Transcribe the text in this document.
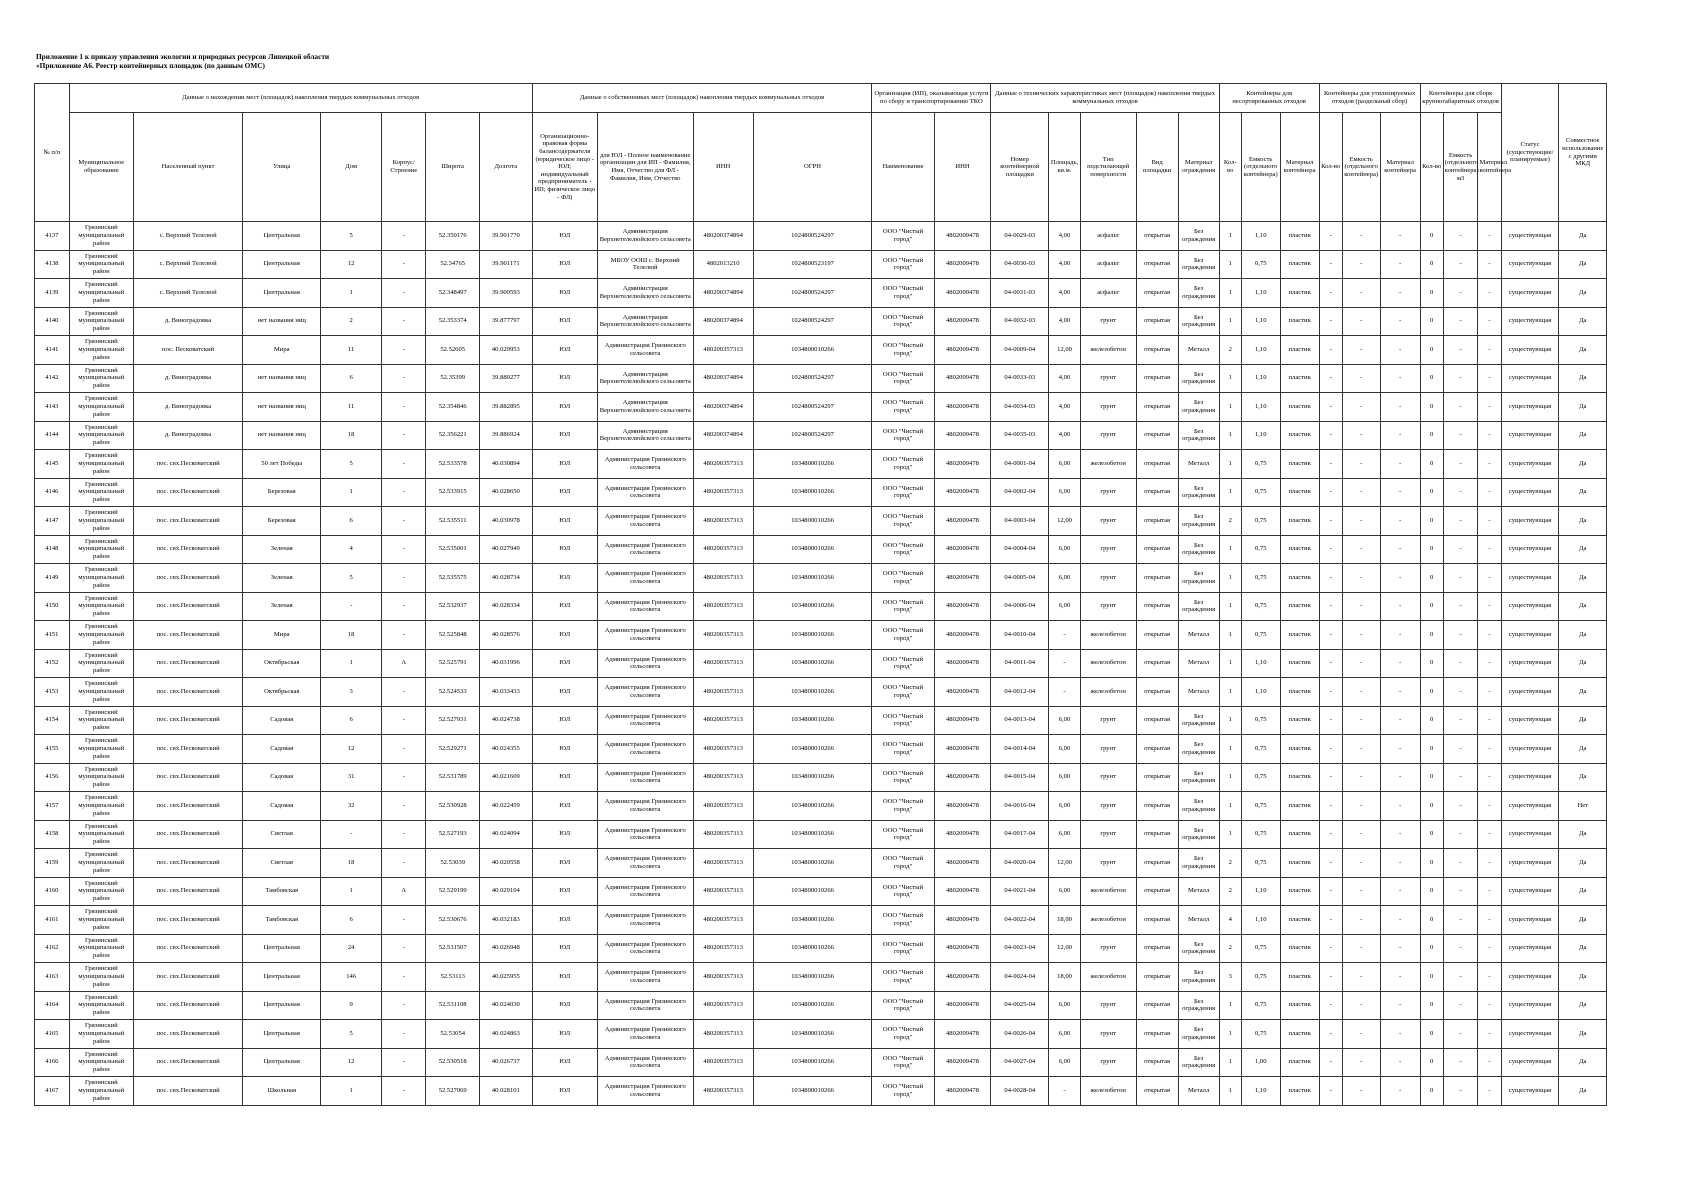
Приложение 1 к приказу управления экологии и природных ресурсов Липецкой области
«Приложение А6. Реестр контейнерных площадок (по данным ОМС)
№ п/п	Данные о нахождении мест (площадок) накопления твердых коммунальных отходов							Данные о собственниках мест (площадок) накопления твердых коммунальных отходов				Организация (ИП), оказывающая услуги по сбору и транспортированию ТКО		Данные о технических характеристиках мест (площадок) накопления твердых коммунальных отходов					Контейнеры для несортированных отходов			Контейнеры для утилизируемых отходов (раздельный сбор)			Контейнеры для сборк крупногабаритных отходов			Статус (существующие/планируемые)	Совместное использование с другими МКД
	Муниципальное образование	Населенный пункт	Улица	Дом	Корпус/Строение	Широта	Долгота	Организационно-правовая форма балансодержателя (юридическое лицо - ЮЛ; индивидуальный предприниматель - ИП; физическое лицо - ФЛ)	для ЮЛ - Полное наименование организации для ИП - Фамилия, Имя, Отчество для ФЛ - Фамилия, Имя, Отчество	ИНН	ОГРН	Наименование	ИНН	Номер контейнерной площадки	Площадь, кв.м.	Тип подстилающей поверхности	Вид площадки	Материал ограждения	Кол-во	Емкость (отдельного контейнера)	Материал контейнера	Кол-во	Емкость (отдельного контейнера)	Материал контейнера	Кол-во	Емкость (отдельного контейнера) м3	Материал контейнера		
4137	Грязинский муниципальный район	с. Верхний Телелюй	Центральная	5	-	52.350176	39.901770	ЮЛ	Администрация Верхнетелелюйского сельсовета	4802003748​94	1024800524297	ООО "Чистый город"	4802009478	04-0029-03	4,00	асфальт	открытая	Без ограждения	1	1,10	пластик	-	-	-	0	-	-	существующая	Да
4138	Грязинский муниципальный район	с. Верхний Телелюй	Центральная	12	-	52.34765	39.901171	ЮЛ	МБОУ ООШ с. Верхний Телелюй	4802013210	1024800523197	ООО "Чистый город"	4802009478	04-0030-03	4,00	асфальт	открытая	Без ограждения	1	0,75	пластик	-	-	-	0	-	-	существующая	Да
4139	Грязинский муниципальный район	с. Верхний Телелюй	Центральная	1	-	52.348497	39.900593	ЮЛ	Администрация Верхнетелелюйского сельсовета	480200374894	1024800524297	ООО "Чистый город"	4802009478	04-0031-03	4,00	асфальт	открытая	Без ограждения	1	1,10	пластик	-	-	-	0	-	-	существующая	Да
4140	Грязинский муниципальный район	д. Виноградовка	нет названия ниц	2	-	52.353374	39.877797	ЮЛ	Администрация Верхнетелелюйского сельсовета	480200374894	1024800524297	ООО "Чистый город"	4802009478	04-0032-03	4,00	грунт	открытая	Без ограждения	1	1,10	пластик	-	-	-	0	-	-	существующая	Да
4141	Грязинский муниципальный район	пос. Песковатский	Мира	11	-	52.52605	40.029953	ЮЛ	Администрация Грязинского сельсовета	4802003573​13	1034800010266	ООО "Чистый город"	4802009478	04-0009-04	12,00	железобетон	открытая	Металл	2	1,10	пластик	-	-	-	0	-	-	существующая	Да
4142	Грязинский муниципальный район	д. Виноградовка	нет названия ниц	6	-	52.35399	39.880277	ЮЛ	Администрация Верхнетелелюйского сельсовета	480200374894	1024800524297	ООО "Чистый город"	4802009478	04-0033-03	4,00	грунт	открытая	Без ограждения	1	1,10	пластик	-	-	-	0	-	-	существующая	Да
4143	Грязинский муниципальный район	д. Виноградовка	нет названия ниц	11	-	52.354846	39.882895	ЮЛ	Администрация Верхнетелелюйского сельсовета	480200374894	1024800524297	ООО "Чистый город"	4802009478	04-0034-03	4,00	грунт	открытая	Без ограждения	1	1,10	пластик	-	-	-	0	-	-	существующая	Да
4144	Грязинский муниципальный район	д. Виноградовка	нет названия ниц	18	-	52.356221	39.886924	ЮЛ	Администрация Верхнетелелюйского сельсовета	480200374894	1024800524297	ООО "Чистый город"	4802009478	04-0035-03	4,00	грунт	открытая	Без ограждения	1	1,10	пластик	-	-	-	0	-	-	существующая	Да
4145	Грязинский муниципальный район	пос. свх.Песковатский	50 лет Победы	5	-	52.533578	40.030894	ЮЛ	Администрация Грязинского сельсовета	480200357313	1034800010266	ООО "Чистый город"	4802009478	04-0001-04	6,00	железобетон	открытая	Металл	1	0,75	пластик	-	-	-	0	-	-	существующая	Да
4146	Грязинский муниципальный район	пос. свх.Песковатский	Березовая	1	-	52.533915	40.028650	ЮЛ	Администрация Грязинского сельсовета	480200357313	1034800010266	ООО "Чистый город"	4802009478	04-0002-04	6,00	грунт	открытая	Без ограждения	1	0,75	пластик	-	-	-	0	-	-	существующая	Да
4147	Грязинский муниципальный район	пос. свх.Песковатский	Березовая	6	-	52.535511	40.030978	ЮЛ	Администрация Грязинского сельсовета	480200357313	1034800010266	ООО "Чистый город"	4802009478	04-0003-04	12,00	грунт	открытая	Без ограждения	2	0,75	пластик	-	-	-	0	-	-	существующая	Да
4148	Грязинский муниципальный район	пос. свх.Песковатский	Зеленая	4	-	52.535001	40.027949	ЮЛ	Администрация Грязинского сельсовета	480200357313	1034800010266	ООО "Чистый город"	4802009478	04-0004-04	6,00	грунт	открытая	Без ограждения	1	0,75	пластик	-	-	-	0	-	-	существующая	Да
4149	Грязинский муниципальный район	пос. свх.Песковатский	Зеленая	5	-	52.535575	40.028734	ЮЛ	Администрация Грязинского сельсовета	480200357313	1034800010266	ООО "Чистый город"	4802009478	04-0005-04	6,00	грунт	открытая	Без ограждения	1	0,75	пластик	-	-	-	0	-	-	существующая	Да
4150	Грязинский муниципальный район	пос. свх.Песковатский	Зеленая	-	-	52.532937	40.028334	ЮЛ	Администрация Грязинского сельсовета	480200357313	1034800010266	ООО "Чистый город"	4802009478	04-0006-04	6,00	грунт	открытая	Без ограждения	1	0,75	пластик	-	-	-	0	-	-	существующая	Да
4151	Грязинский муниципальный район	пос. свх.Песковатский	Мира	18	-	52.525848	40.028576	ЮЛ	Администрация Грязинского сельсовета	480200357313	1034800010266	ООО "Чистый город"	4802009478	04-0010-04	-	железобетон	открытая	Металл	1	0,75	пластик	-	-	-	0	-	-	существующая	Да
4152	Грязинский муниципальный район	пос. свх.Песковатский	Октябрьская	1	А	52.525791	40.031996	ЮЛ	Администрация Грязинского сельсовета	480200357313	1034800010266	ООО "Чистый город"	4802009478	04-0011-04	-	железобетон	открытая	Металл	1	1,10	пластик	-	-	-	0	-	-	существующая	Да
4153	Грязинский муниципальный район	пос. свх.Песковатский	Октябрьская	3	-	52.524533	40.033433	ЮЛ	Администрация Грязинского сельсовета	480200357313	1034800010266	ООО "Чистый город"	4802009478	04-0012-04	-	железобетон	открытая	Металл	1	1,10	пластик	-	-	-	0	-	-	существующая	Да
4154	Грязинский муниципальный район	пос. свх.Песковатский	Садовая	6	-	52.527931	40.024738	ЮЛ	Администрация Грязинского сельсовета	480200357313	1034800010266	ООО "Чистый город"	4802009478	04-0013-04	6,00	грунт	открытая	Без ограждения	1	0,75	пластик	-	-	-	0	-	-	существующая	Да
4155	Грязинский муниципальный район	пос. свх.Песковатский	Садовая	12	-	52.529271	40.024355	ЮЛ	Администрация Грязинского сельсовета	480200357313	1034800010266	ООО "Чистый город"	4802009478	04-0014-04	6,00	грунт	открытая	Без ограждения	1	0,75	пластик	-	-	-	0	-	-	существующая	Да
4156	Грязинский муниципальный район	пос. свх.Песковатский	Садовая	31	-	52.531789	40.021609	ЮЛ	Администрация Грязинского сельсовета	480200357313	1034800010266	ООО "Чистый город"	4802009478	04-0015-04	6,00	грунт	открытая	Без ограждения	1	0,75	пластик	-	-	-	0	-	-	существующая	Да
4157	Грязинский муниципальный район	пос. свх.Песковатский	Садовая	32	-	52.530928	40.022459	ЮЛ	Администрация Грязинского сельсовета	480200357313	1034800010266	ООО "Чистый город"	4802009478	04-0016-04	6,00	грунт	открытая	Без ограждения	1	0,75	пластик	-	-	-	0	-	-	существующая	Нет
4158	Грязинский муниципальный район	пос. свх.Песковатский	Светлая	-	-	52.527193	40.024094	ЮЛ	Администрация Грязинского сельсовета	480200357313	1034800010266	ООО "Чистый город"	4802009478	04-0017-04	6,00	грунт	открытая	Без ограждения	1	0,75	пластик	-	-	-	0	-	-	существующая	Да
4159	Грязинский муниципальный район	пос. свх.Песковатский	Светлая	18	-	52.53039	40.020558	ЮЛ	Администрация Грязинского сельсовета	480200357313	1034800010266	ООО "Чистый город"	4802009478	04-0020-04	12,00	грунт	открытая	Без ограждения	2	0,75	пластик	-	-	-	0	-	-	существующая	Да
4160	Грязинский муниципальный район	пос. свх.Песковатский	Тамбовская	1	А	52.529199	40.029104	ЮЛ	Администрация Грязинского сельсовета	480200357313	1034800010266	ООО "Чистый город"	4802009478	04-0021-04	6,00	железобетон	открытая	Металл	2	1,10	пластик	-	-	-	0	-	-	существующая	Да
4161	Грязинский муниципальный район	пос. свх.Песковатский	Тамбовская	6	-	52.530676	40.032183	ЮЛ	Администрация Грязинского сельсовета	480200357313	1034800010266	ООО "Чистый город"	4802009478	04-0022-04	18,00	железобетон	открытая	Металл	4	1,10	пластик	-	-	-	0	-	-	существующая	Да
4162	Грязинский муниципальный район	пос. свх.Песковатский	Центральная	24	-	52.531507	40.026948	ЮЛ	Администрация Грязинского сельсовета	480200357313	1034800010266	ООО "Чистый город"	4802009478	04-0023-04	12,00	грунт	открытая	Без ограждения	2	0,75	пластик	-	-	-	0	-	-	существующая	Да
4163	Грязинский муниципальный район	пос. свх.Песковатский	Центральная	146	-	52.53113	40.025955	ЮЛ	Администрация Грязинского сельсовета	480200357313	1034800010266	ООО "Чистый город"	4802009478	04-0024-04	18,00	железобетон	открытая	Без ограждения	3	0,75	пластик	-	-	-	0	-	-	существующая	Да
4164	Грязинский муниципальный район	пос. свх.Песковатский	Центральная	9	-	52.531108	40.024030	ЮЛ	Администрация Грязинского сельсовета	480200357313	1034800010266	ООО "Чистый город"	4802009478	04-0025-04	6,00	грунт	открытая	Без ограждения	1	0,75	пластик	-	-	-	0	-	-	существующая	Да
4165	Грязинский муниципальный район	пос. свх.Песковатский	Центральная	5	-	52.53054	40.024863	ЮЛ	Администрация Грязинского сельсовета	480200357313	1034800010266	ООО "Чистый город"	4802009478	04-0026-04	6,00	грунт	открытая	Без ограждения	1	0,75	пластик	-	-	-	0	-	-	существующая	Да
4166	Грязинский муниципальный район	пос. свх.Песковатский	Центральная	12	-	52.530518	40.026737	ЮЛ	Администрация Грязинского сельсовета	480200357313	1034800010266	ООО "Чистый город"	4802009478	04-0027-04	6,00	грунт	открытая	Без ограждения	1	1,00	пластик	-	-	-	0	-	-	существующая	Да
4167	Грязинский муниципальный район	пос. свх.Песковатский	Школьная	1	-	52.527069	40.028101	ЮЛ	Администрация Грязинского сельсовета	480200357313	1034800010266	ООО "Чистый город"	4802009478	04-0028-04	-	железобетон	открытая	Металл	1	1,10	пластик	-	-	-	0	-	-	существующая	Да
